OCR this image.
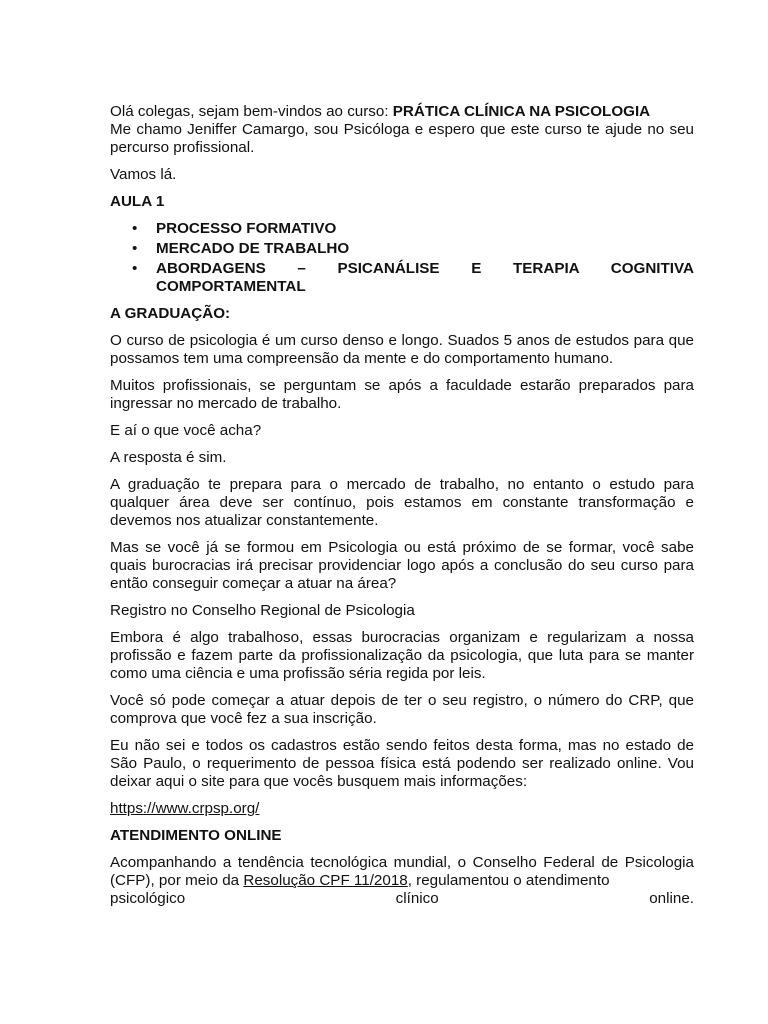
Olá colegas, sejam bem-vindos ao curso: PRÁTICA CLÍNICA NA PSICOLOGIA
Me chamo Jeniffer Camargo, sou Psicóloga e espero que este curso te ajude no seu percurso profissional.

Vamos lá.

AULA 1

• PROCESSO FORMATIVO
• MERCADO DE TRABALHO
• ABORDAGENS – PSICANÁLISE E TERAPIA COGNITIVA COMPORTAMENTAL

A GRADUAÇÃO:

O curso de psicologia é um curso denso e longo. Suados 5 anos de estudos para que possamos tem uma compreensão da mente e do comportamento humano.

Muitos profissionais, se perguntam se após a faculdade estarão preparados para ingressar no mercado de trabalho.

E aí o que você acha?

A resposta é sim.

A graduação te prepara para o mercado de trabalho, no entanto o estudo para qualquer área deve ser contínuo, pois estamos em constante transformação e devemos nos atualizar constantemente.

Mas se você já se formou em Psicologia ou está próximo de se formar, você sabe quais burocracias irá precisar providenciar logo após a conclusão do seu curso para então conseguir começar a atuar na área?

Registro no Conselho Regional de Psicologia

Embora é algo trabalhoso, essas burocracias organizam e regularizam a nossa profissão e fazem parte da profissionalização da psicologia, que luta para se manter como uma ciência e uma profissão séria regida por leis.

Você só pode começar a atuar depois de ter o seu registro, o número do CRP, que comprova que você fez a sua inscrição.

Eu não sei e todos os cadastros estão sendo feitos desta forma, mas no estado de São Paulo, o requerimento de pessoa física está podendo ser realizado online. Vou deixar aqui o site para que vocês busquem mais informações:

https://www.crpsp.org/

ATENDIMENTO ONLINE

Acompanhando a tendência tecnológica mundial, o Conselho Federal de Psicologia (CFP), por meio da Resolução CPF 11/2018, regulamentou o atendimento

psicológico clínico online.
